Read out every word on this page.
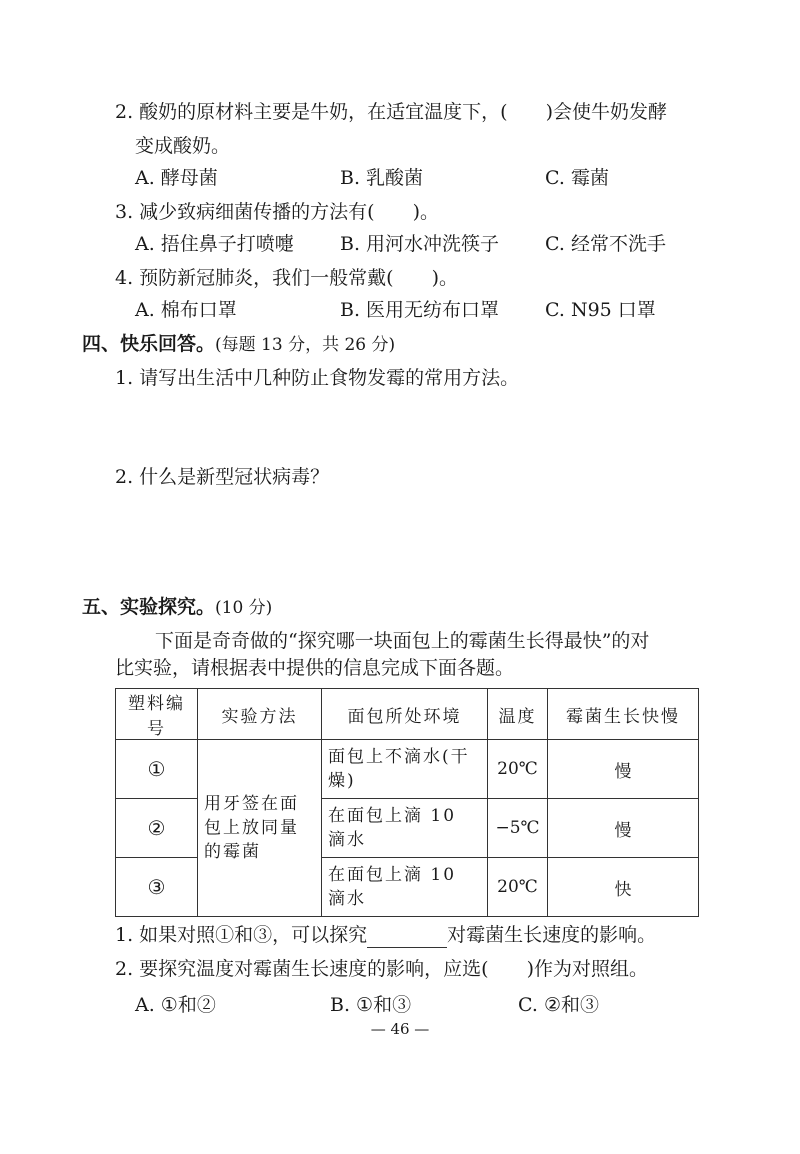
2. 酸奶的原材料主要是牛奶，在适宜温度下，(　　)会使牛奶发酵
变成酸奶。
A. 酵母菌	B. 乳酸菌	C. 霉菌
3. 减少致病细菌传播的方法有(　　)。
A. 捂住鼻子打喷嚏 B. 用河水冲洗筷子 C. 经常不洗手
4. 预防新冠肺炎，我们一般常戴(　　)。
A. 棉布口罩	B. 医用无纺布口罩 C. N95 口罩
四、快乐回答。(每题 13 分，共 26 分)
1. 请写出生活中几种防止食物发霉的常用方法。
2. 什么是新型冠状病毒？
五、实验探究。(10 分)
下面是奇奇做的“探究哪一块面包上的霉菌生长得最快”的对
比实验，请根据表中提供的信息完成下面各题。
塑料编号	实验方法	面包所处环境	温度	霉菌生长快慢
①	用牙签在面包上放同量的霉菌	面包上不滴水(干燥)	20℃	慢
②		在面包上滴 10 滴水	−5℃	慢
③		在面包上滴 10 滴水	20℃	快
1. 如果对照①和③，可以探究	对霉菌生长速度的影响。
2. 要探究温度对霉菌生长速度的影响，应选(　　)作为对照组。
A. ①和②	B. ①和③	C. ②和③
— 46 —
